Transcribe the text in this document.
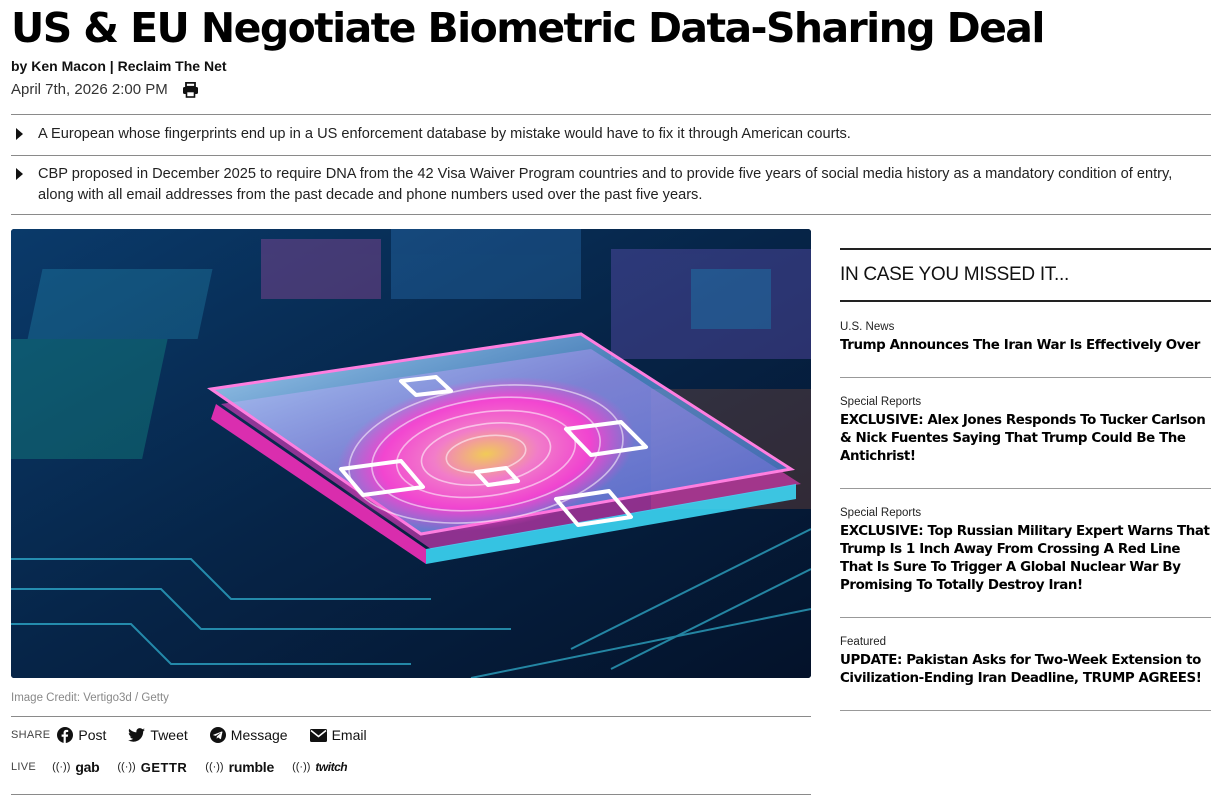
US & EU Negotiate Biometric Data-Sharing Deal
by Ken Macon | Reclaim The Net
April 7th, 2026 2:00 PM
A European whose fingerprints end up in a US enforcement database by mistake would have to fix it through American courts.
CBP proposed in December 2025 to require DNA from the 42 Visa Waiver Program countries and to provide five years of social media history as a mandatory condition of entry, along with all email addresses from the past decade and phone numbers used over the past five years.
Image Credit: Vertigo3d / Getty
SHARE Post	Tweet	Message	Email
LIVE ((·)) gab ((·)) GETTR ((·)) rumble ((·)) twitch
IN CASE YOU MISSED IT...
U.S. News
Trump Announces The Iran War Is Effectively Over
Special Reports
EXCLUSIVE: Alex Jones Responds To Tucker Carlson & Nick Fuentes Saying That Trump Could Be The Antichrist!
Special Reports
EXCLUSIVE: Top Russian Military Expert Warns That Trump Is 1 Inch Away From Crossing A Red Line That Is Sure To Trigger A Global Nuclear War By Promising To Totally Destroy Iran!
Featured
UPDATE: Pakistan Asks for Two-Week Extension to Civilization-Ending Iran Deadline, TRUMP AGREES!
